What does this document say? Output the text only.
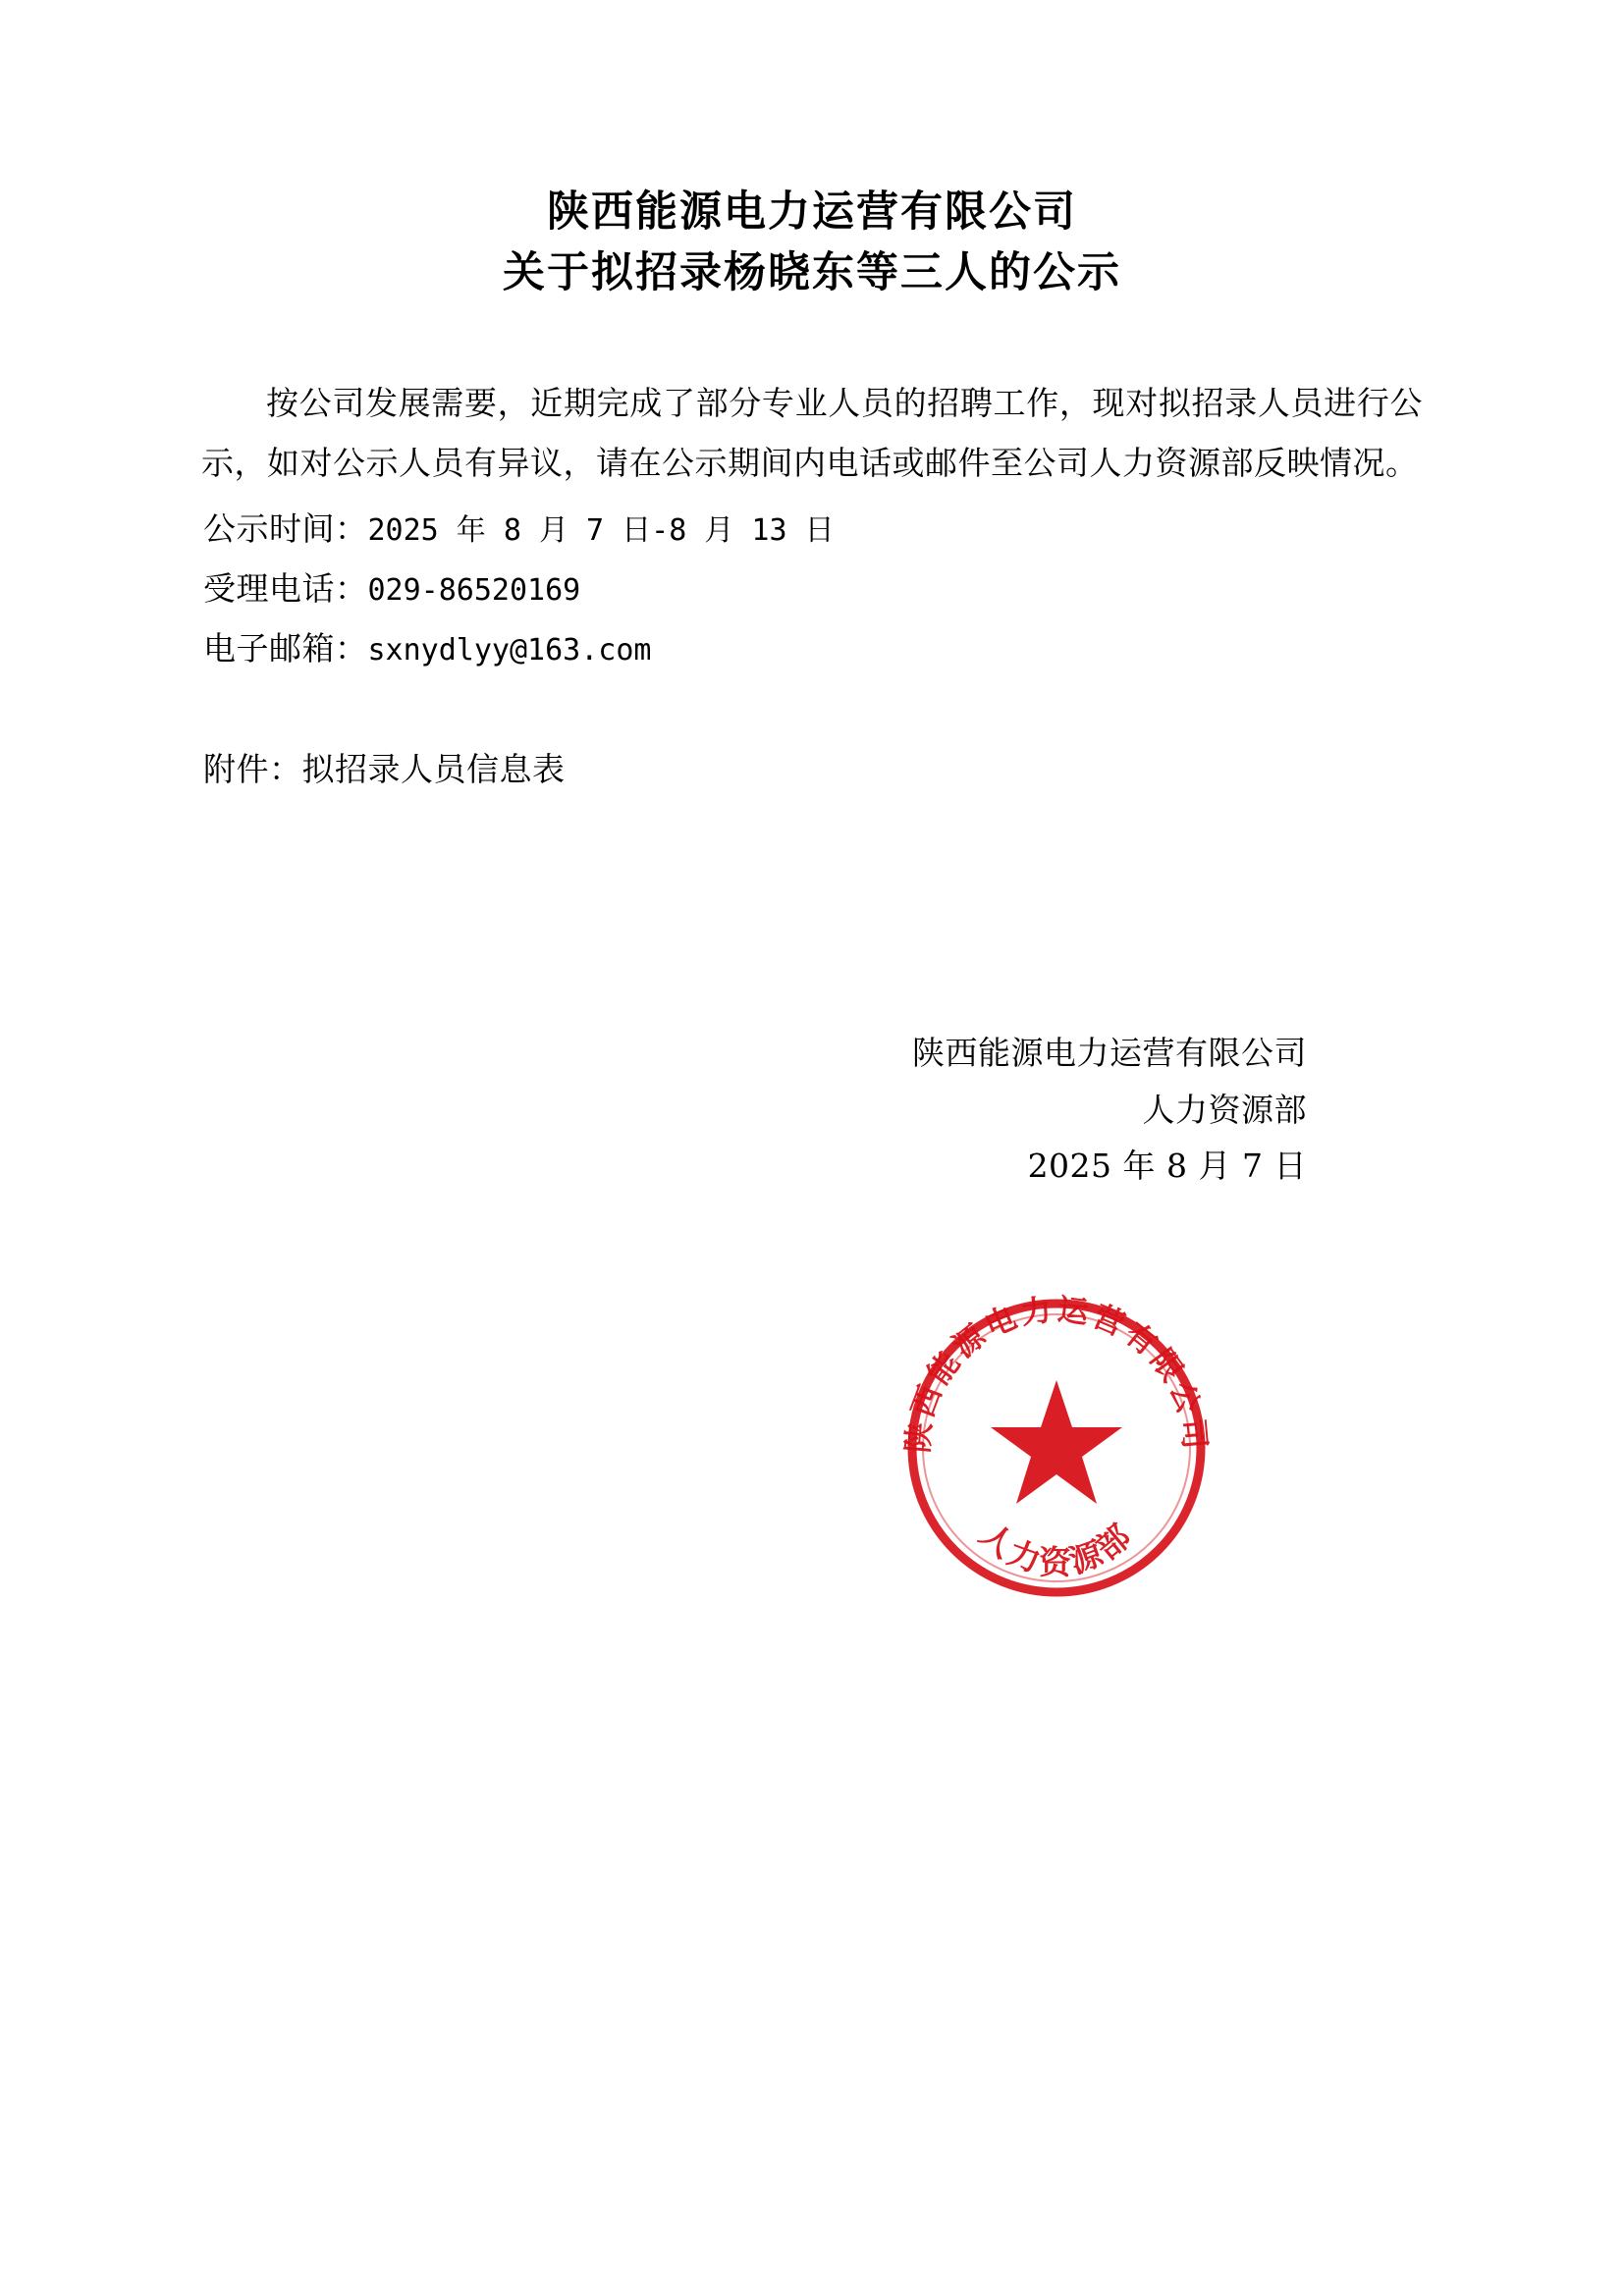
陕西能源电力运营有限公司
关于拟招录杨晓东等三人的公示

按公司发展需要，近期完成了部分专业人员的招聘工作，现对拟招录人员进行公示，如对公示人员有异议，请在公示期间内电话或邮件至公司人力资源部反映情况。

公示时间：2025 年 8 月 7 日-8 月 13 日

受理电话：029-86520169

电子邮箱：sxnydlyy@163.com

附件：拟招录人员信息表

陕西能源电力运营有限公司
人力资源部
2025 年 8 月 7 日
陕西能源电力运营有限公司
人力资源部
